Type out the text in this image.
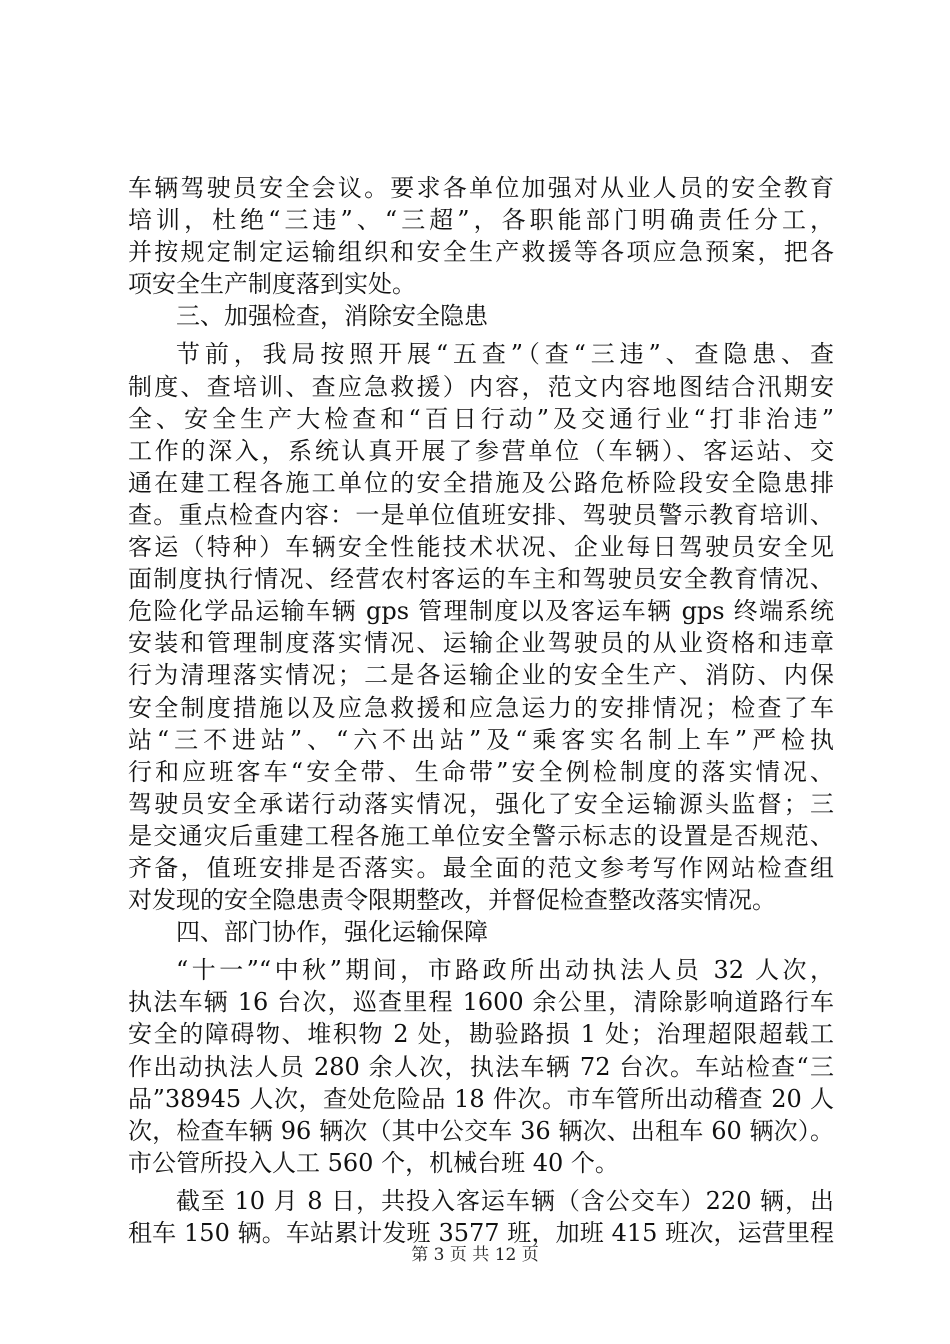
车辆驾驶员安全会议。要求各单位加强对从业人员的安全教育
培训，杜绝“三违”、“三超”，各职能部门明确责任分工，
并按规定制定运输组织和安全生产救援等各项应急预案，把各
项安全生产制度落到实处。
三、加强检查，消除安全隐患
节前，我局按照开展“五查”（查“三违”、查隐患、查
制度、查培训、查应急救援）内容，范文内容地图结合汛期安
全、安全生产大检查和“百日行动”及交通行业“打非治违”
工作的深入，系统认真开展了参营单位（车辆）、客运站、交
通在建工程各施工单位的安全措施及公路危桥险段安全隐患排
查。重点检查内容：一是单位值班安排、驾驶员警示教育培训、
客运（特种）车辆安全性能技术状况、企业每日驾驶员安全见
面制度执行情况、经营农村客运的车主和驾驶员安全教育情况、
危险化学品运输车辆 gps 管理制度以及客运车辆 gps 终端系统
安装和管理制度落实情况、运输企业驾驶员的从业资格和违章
行为清理落实情况；二是各运输企业的安全生产、消防、内保
安全制度措施以及应急救援和应急运力的安排情况；检查了车
站“三不进站”、“六不出站”及“乘客实名制上车”严检执
行和应班客车“安全带、生命带”安全例检制度的落实情况、
驾驶员安全承诺行动落实情况，强化了安全运输源头监督；三
是交通灾后重建工程各施工单位安全警示标志的设置是否规范、
齐备，值班安排是否落实。最全面的范文参考写作网站检查组
对发现的安全隐患责令限期整改，并督促检查整改落实情况。
四、部门协作，强化运输保障
“十一”“中秋”期间，市路政所出动执法人员 32 人次，
执法车辆 16 台次，巡查里程 1600 余公里，清除影响道路行车
安全的障碍物、堆积物 2 处，勘验路损 1 处；治理超限超载工
作出动执法人员 280 余人次，执法车辆 72 台次。车站检查“三
品”38945 人次，查处危险品 18 件次。市车管所出动稽查 20 人
次，检查车辆 96 辆次（其中公交车 36 辆次、出租车 60 辆次）。
市公管所投入人工 560 个，机械台班 40 个。
截至 10 月 8 日，共投入客运车辆（含公交车）220 辆，出
租车 150 辆。车站累计发班 3577 班，加班 415 班次，运营里程
第 3 页 共 12 页
